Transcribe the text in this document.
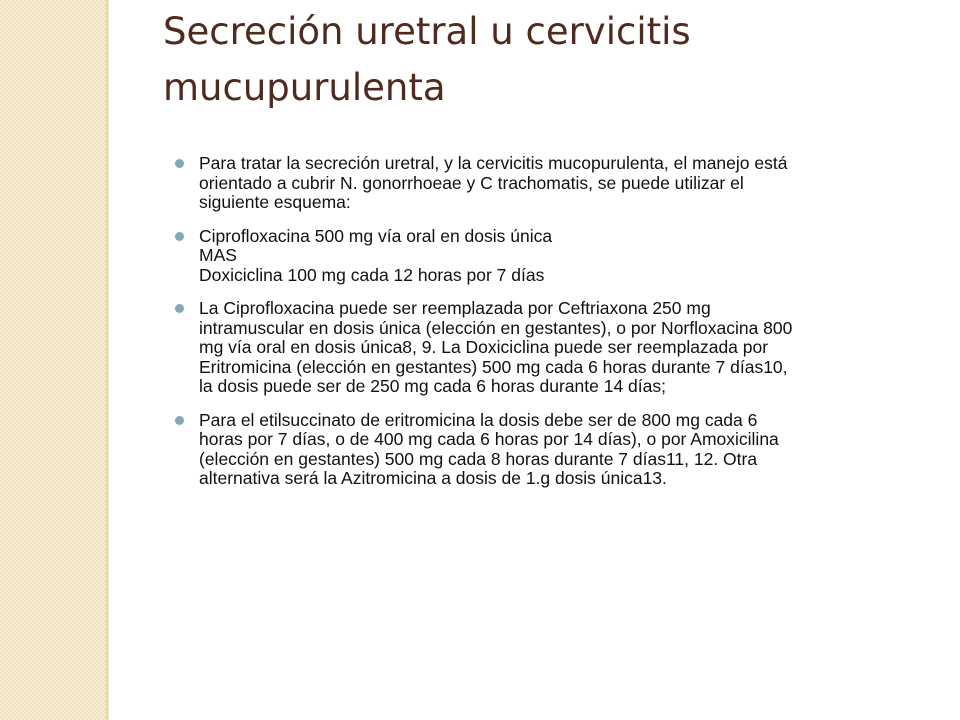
Secreción uretral u cervicitis
mucupurulenta
Para tratar la secreción uretral, y la cervicitis mucopurulenta, el manejo está
orientado a cubrir N. gonorrhoeae y C trachomatis, se puede utilizar el
siguiente esquema:
Ciprofloxacina 500 mg vía oral en dosis única
MAS
Doxiciclina 100 mg cada 12 horas por 7 días
La Ciprofloxacina puede ser reemplazada por Ceftriaxona 250 mg
intramuscular en dosis única (elección en gestantes), o por Norfloxacina 800
mg vía oral en dosis única8, 9. La Doxiciclina puede ser reemplazada por
Eritromicina (elección en gestantes) 500 mg cada 6 horas durante 7 días10,
la dosis puede ser de 250 mg cada 6 horas durante 14 días;
Para el etilsuccinato de eritromicina la dosis debe ser de 800 mg cada 6
horas por 7 días, o de 400 mg cada 6 horas por 14 días), o por Amoxicilina
(elección en gestantes) 500 mg cada 8 horas durante 7 días11, 12. Otra
alternativa será la Azitromicina a dosis de 1.g dosis única13.
